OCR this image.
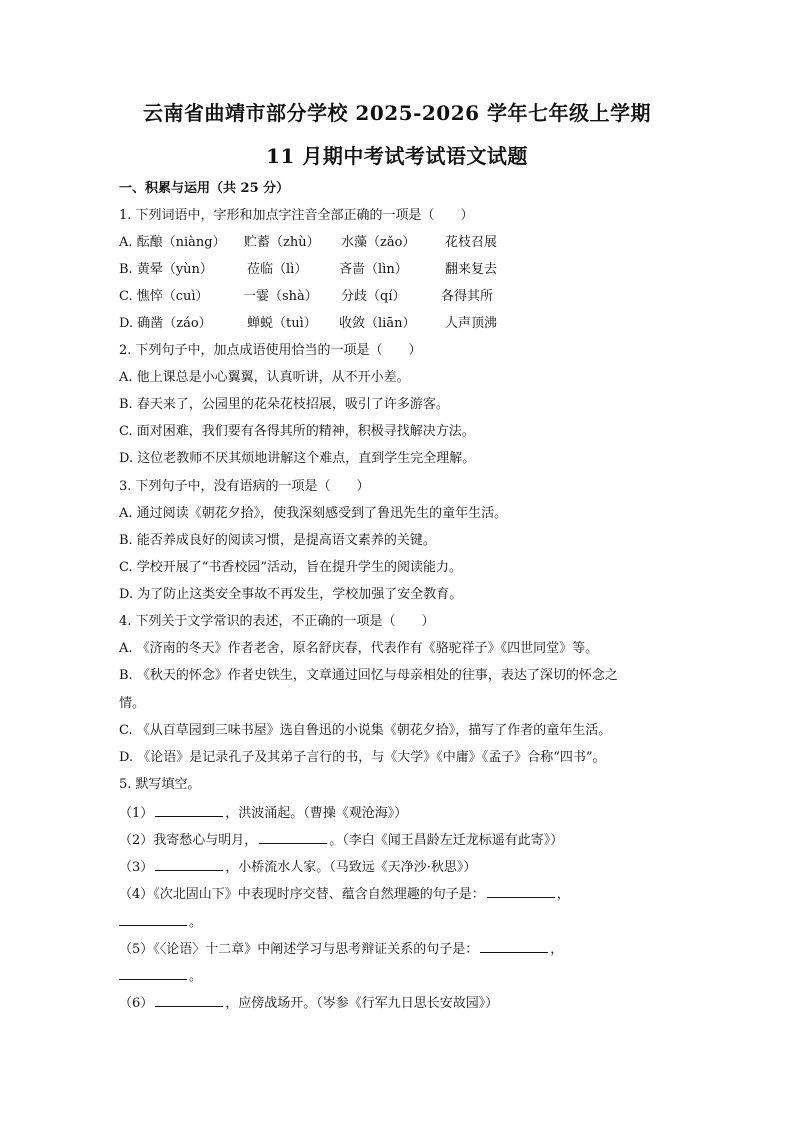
云南省曲靖市部分学校 2025-2026 学年七年级上学期
11 月期中考试考试语文试题
一、积累与运用（共 25 分）
1. 下列词语中，字形和加点字注音全部正确的一项是（　　）
A. 酝酿（niàng） 贮蓄（zhù） 水藻（zǎo） 花枝召展
B. 黄晕（yùn）	莅临（lì） 吝啬（lìn）	翻来复去
C. 憔悴（cuì）	一霎（shà） 分歧（qí）	各得其所
D. 确凿（záo）	蝉蜕（tuì） 收敛（liān） 人声顶沸
2. 下列句子中，加点成语使用恰当的一项是（　　）
A. 他上课总是小心翼翼，认真听讲，从不开小差。
B. 春天来了，公园里的花朵花枝招展，吸引了许多游客。
C. 面对困难，我们要有各得其所的精神，积极寻找解决方法。
D. 这位老教师不厌其烦地讲解这个难点，直到学生完全理解。
3. 下列句子中，没有语病的一项是（　　）
A. 通过阅读《朝花夕拾》，使我深刻感受到了鲁迅先生的童年生活。
B. 能否养成良好的阅读习惯，是提高语文素养的关键。
C. 学校开展了“书香校园”活动，旨在提升学生的阅读能力。
D. 为了防止这类安全事故不再发生，学校加强了安全教育。
4. 下列关于文学常识的表述，不正确的一项是（　　）
A. 《济南的冬天》作者老舍，原名舒庆春，代表作有《骆驼祥子》《四世同堂》等。
B. 《秋天的怀念》作者史铁生，文章通过回忆与母亲相处的往事，表达了深切的怀念之
情。
C. 《从百草园到三味书屋》选自鲁迅的小说集《朝花夕拾》，描写了作者的童年生活。
D. 《论语》是记录孔子及其弟子言行的书，与《大学》《中庸》《孟子》合称“四书”。
5. 默写填空。
（1）	，洪波涌起。（曹操《观沧海》）
（2）我寄愁心与明月，	。（李白《闻王昌龄左迁龙标遥有此寄》）
（3）	，小桥流水人家。（马致远《天净沙·秋思》）
（4）《次北固山下》中表现时序交替、蕴含自然理趣的句子是：	，
。
（5）《〈论语〉十二章》中阐述学习与思考辩证关系的句子是：	，
。
（6）	，应傍战场开。（岑参《行军九日思长安故园》）
